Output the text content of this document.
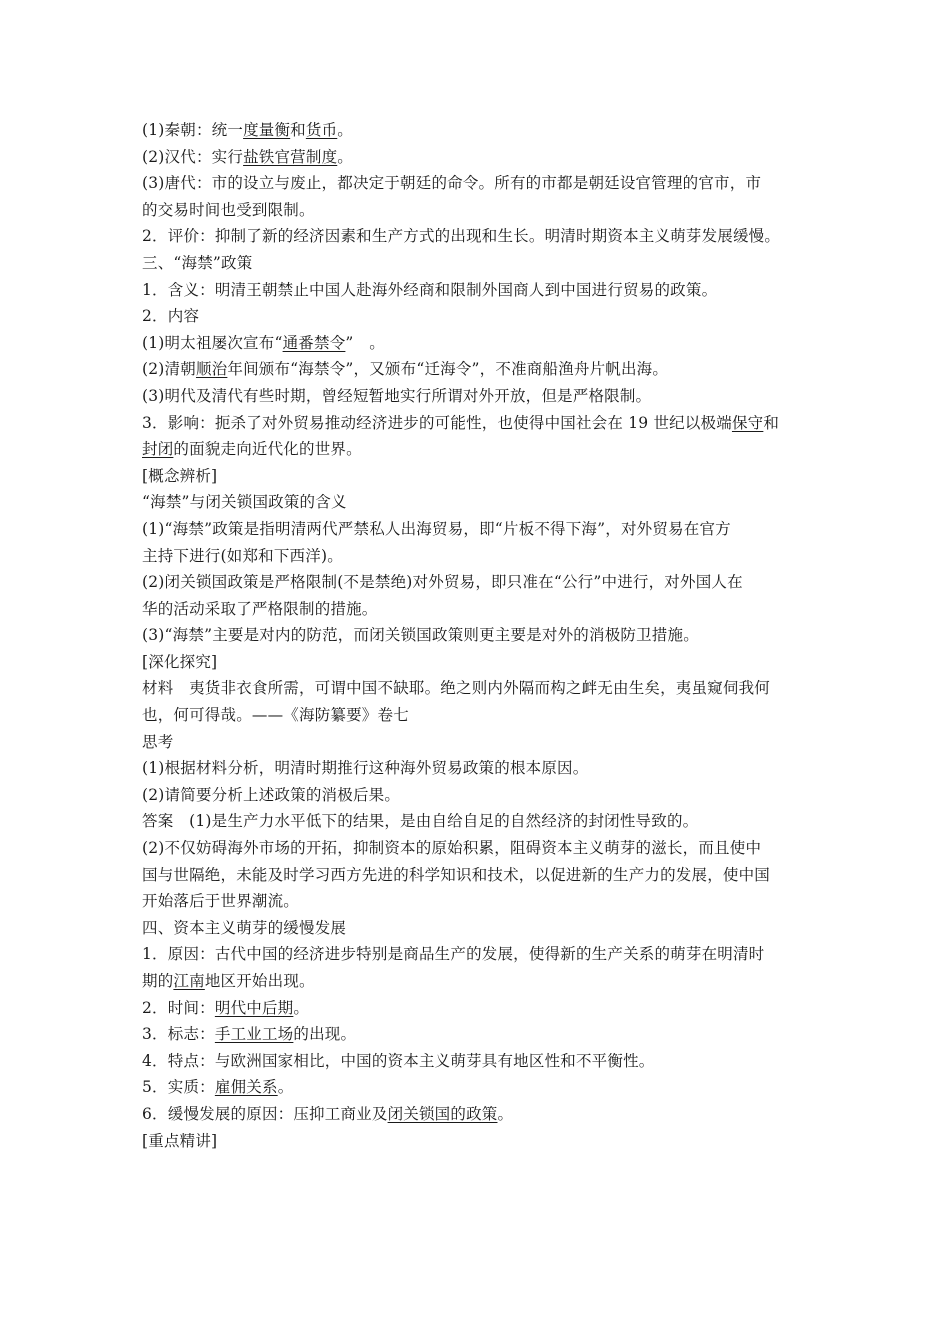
(1)秦朝：统一度量衡和货币。
(2)汉代：实行盐铁官营制度。
(3)唐代：市的设立与废止，都决定于朝廷的命令。所有的市都是朝廷设官管理的官市，市
的交易时间也受到限制。
2．评价：抑制了新的经济因素和生产方式的出现和生长。明清时期资本主义萌芽发展缓慢。
三、“海禁”政策
1．含义：明清王朝禁止中国人赴海外经商和限制外国商人到中国进行贸易的政策。
2．内容
(1)明太祖屡次宣布“通番禁令”　。
(2)清朝顺治年间颁布“海禁令”，又颁布“迁海令”，不准商船渔舟片帆出海。
(3)明代及清代有些时期，曾经短暂地实行所谓对外开放，但是严格限制。
3．影响：扼杀了对外贸易推动经济进步的可能性，也使得中国社会在 19 世纪以极端保守和
封闭的面貌走向近代化的世界。
[概念辨析]
“海禁”与闭关锁国政策的含义
(1)“海禁”政策是指明清两代严禁私人出海贸易，即“片板不得下海”，对外贸易在官方
主持下进行(如郑和下西洋)。
(2)闭关锁国政策是严格限制(不是禁绝)对外贸易，即只准在“公行”中进行，对外国人在
华的活动采取了严格限制的措施。
(3)“海禁”主要是对内的防范，而闭关锁国政策则更主要是对外的消极防卫措施。
[深化探究]
材料　夷货非衣食所需，可谓中国不缺耶。绝之则内外隔而构之衅无由生矣，夷虽窥伺我何
也，何可得哉。——《海防纂要》卷七
思考
(1)根据材料分析，明清时期推行这种海外贸易政策的根本原因。
(2)请简要分析上述政策的消极后果。
答案　(1)是生产力水平低下的结果，是由自给自足的自然经济的封闭性导致的。
(2)不仅妨碍海外市场的开拓，抑制资本的原始积累，阻碍资本主义萌芽的滋长，而且使中
国与世隔绝，未能及时学习西方先进的科学知识和技术，以促进新的生产力的发展，使中国
开始落后于世界潮流。
四、资本主义萌芽的缓慢发展
1．原因：古代中国的经济进步特别是商品生产的发展，使得新的生产关系的萌芽在明清时
期的江南地区开始出现。
2．时间：明代中后期。
3．标志：手工业工场的出现。
4．特点：与欧洲国家相比，中国的资本主义萌芽具有地区性和不平衡性。
5．实质：雇佣关系。
6．缓慢发展的原因：压抑工商业及闭关锁国的政策。
[重点精讲]
